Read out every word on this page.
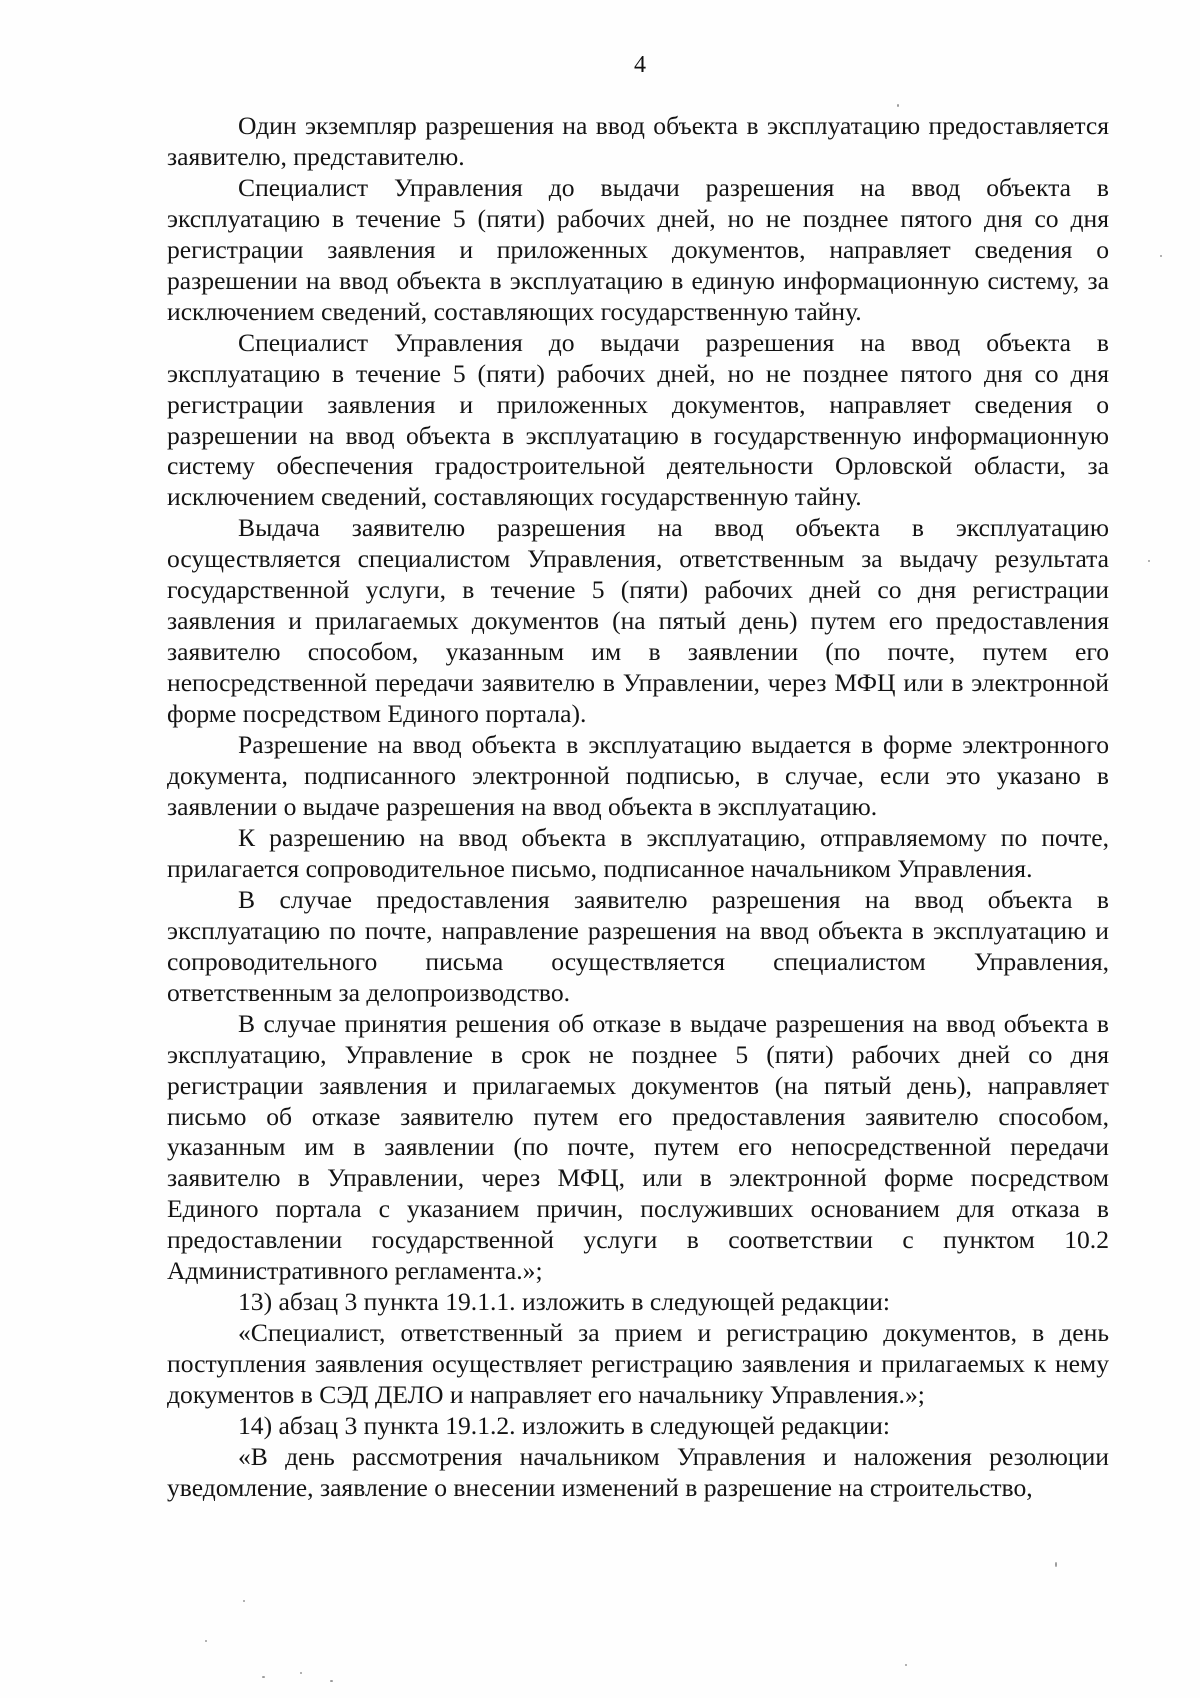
4

Один экземпляр разрешения на ввод объекта в эксплуатацию предоставляется заявителю, представителю.

Специалист Управления до выдачи разрешения на ввод объекта в эксплуатацию в течение 5 (пяти) рабочих дней, но не позднее пятого дня со дня регистрации заявления и приложенных документов, направляет сведения о разрешении на ввод объекта в эксплуатацию в единую информационную систему, за исключением сведений, составляющих государственную тайну.

Специалист Управления до выдачи разрешения на ввод объекта в эксплуатацию в течение 5 (пяти) рабочих дней, но не позднее пятого дня со дня регистрации заявления и приложенных документов, направляет сведения о разрешении на ввод объекта в эксплуатацию в государственную информационную систему обеспечения градостроительной деятельности Орловской области, за исключением сведений, составляющих государственную тайну.

Выдача заявителю разрешения на ввод объекта в эксплуатацию осуществляется специалистом Управления, ответственным за выдачу результата государственной услуги, в течение 5 (пяти) рабочих дней со дня регистрации заявления и прилагаемых документов (на пятый день) путем его предоставления заявителю способом, указанным им в заявлении (по почте, путем его непосредственной передачи заявителю в Управлении, через МФЦ или в электронной форме посредством Единого портала).

Разрешение на ввод объекта в эксплуатацию выдается в форме электронного документа, подписанного электронной подписью, в случае, если это указано в заявлении о выдаче разрешения на ввод объекта в эксплуатацию.

К разрешению на ввод объекта в эксплуатацию, отправляемому по почте, прилагается сопроводительное письмо, подписанное начальником Управления.

В случае предоставления заявителю разрешения на ввод объекта в эксплуатацию по почте, направление разрешения на ввод объекта в эксплуатацию и сопроводительного письма осуществляется специалистом Управления, ответственным за делопроизводство.

В случае принятия решения об отказе в выдаче разрешения на ввод объекта в эксплуатацию, Управление в срок не позднее 5 (пяти) рабочих дней со дня регистрации заявления и прилагаемых документов (на пятый день), направляет письмо об отказе заявителю путем его предоставления заявителю способом, указанным им в заявлении (по почте, путем его непосредственной передачи заявителю в Управлении, через МФЦ, или в электронной форме посредством Единого портала с указанием причин, послуживших основанием для отказа в предоставлении государственной услуги в соответствии с пунктом 10.2 Административного регламента.»;

13) абзац 3 пункта 19.1.1. изложить в следующей редакции:

«Специалист, ответственный за прием и регистрацию документов, в день поступления заявления осуществляет регистрацию заявления и прилагаемых к нему документов в СЭД ДЕЛО и направляет его начальнику Управления.»;

14) абзац 3 пункта 19.1.2. изложить в следующей редакции:

«В день рассмотрения начальником Управления и наложения резолюции уведомление, заявление о внесении изменений в разрешение на строительство,
